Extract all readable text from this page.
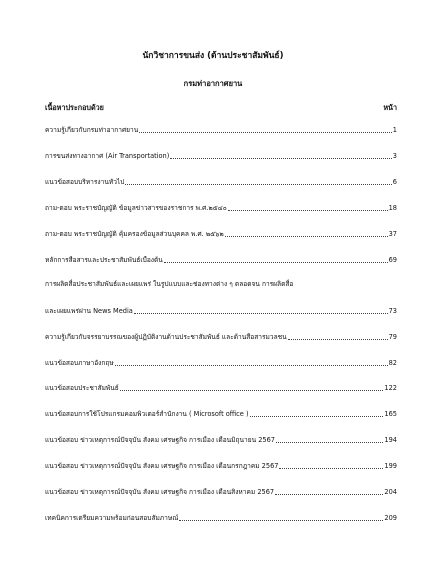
นักวิชาการขนส่ง (ด้านประชาสัมพันธ์)
กรมท่าอากาศยาน
เนื้อหาประกอบด้วย	หน้า
ความรู้เกี่ยวกับกรมท่าอากาศยาน	1
การขนส่งทางอากาศ (Air Transportation)	3
แนวข้อสอบบริหารงานทั่วไป	6
ถาม-ตอบ พระราชบัญญัติ ข้อมูลข่าวสารของราชการ พ.ศ.๒๕๔๐	18
ถาม-ตอบ พระราชบัญญัติ คุ้มครองข้อมูลส่วนบุคคล พ.ศ. ๒๕๖๒	37
หลักการสื่อสารและประชาสัมพันธ์เบื้องต้น	69
การผลิตสื่อประชาสัมพันธ์และเผยแพร่ ในรูปแบบและช่องทางต่าง ๆ ตลอดจน การผลิตสื่อ
และเผยแพร่ผ่าน News Media	73
ความรู้เกี่ยวกับจรรยาบรรณของผู้ปฏิบัติงานด้านประชาสัมพันธ์ และด้านสื่อสารมวลชน	79
แนวข้อสอบภาษาอังกฤษ	82
แนวข้อสอบประชาสัมพันธ์	122
แนวข้อสอบการใช้โปรแกรมคอมพิวเตอร์สำนักงาน ( Microsoft office )	165
แนวข้อสอบ ข่าวเหตุการณ์ปัจจุบัน สังคม เศรษฐกิจ การเมือง เดือนมิถุนายน 2567	194
แนวข้อสอบ ข่าวเหตุการณ์ปัจจุบัน สังคม เศรษฐกิจ การเมือง เดือนกรกฎาคม 2567	199
แนวข้อสอบ ข่าวเหตุการณ์ปัจจุบัน สังคม เศรษฐกิจ การเมือง เดือนสิงหาคม 2567	204
เทคนิคการเตรียมความพร้อมก่อนสอบสัมภาษณ์	209
